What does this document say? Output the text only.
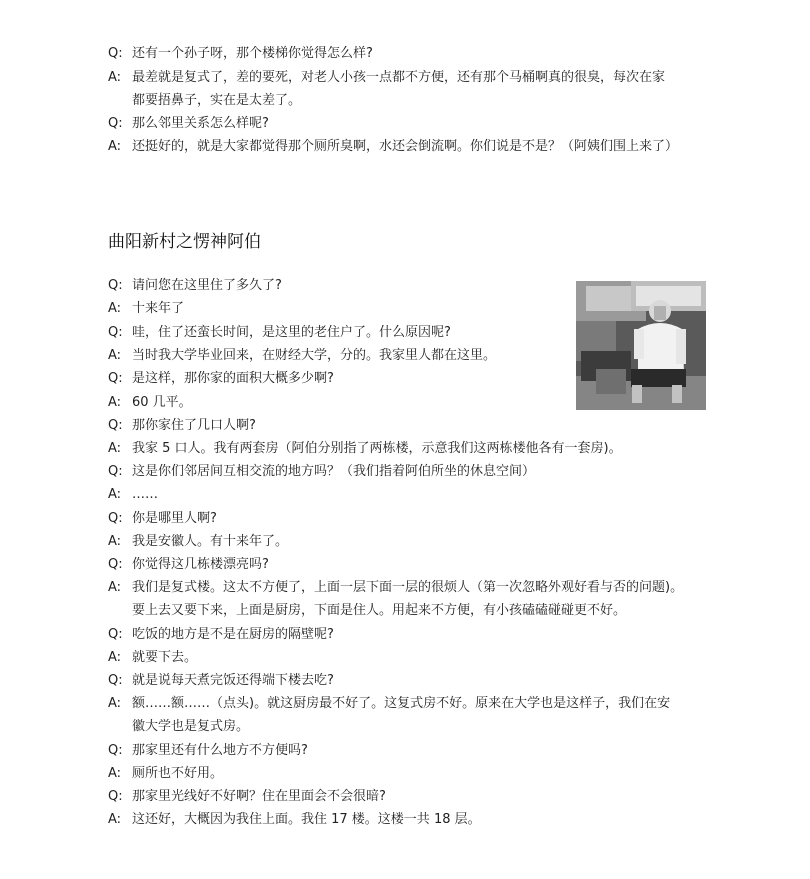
Q: 还有一个孙子呀，那个楼梯你觉得怎么样?
A: 最差就是复式了，差的要死，对老人小孩一点都不方便，还有那个马桶啊真的很臭，每次在家
都要捂鼻子，实在是太差了。
Q: 那么邻里关系怎么样呢?
A: 还挺好的，就是大家都觉得那个厕所臭啊，水还会倒流啊。你们说是不是？（阿姨们围上来了）
曲阳新村之愣神阿伯
Q: 请问您在这里住了多久了?
A: 十来年了
Q: 哇，住了还蛮长时间，是这里的老住户了。什么原因呢?
A: 当时我大学毕业回来，在财经大学，分的。我家里人都在这里。
Q: 是这样，那你家的面积大概多少啊?
A: 60 几平。
Q: 那你家住了几口人啊?
A: 我家 5 口人。我有两套房（阿伯分别指了两栋楼，示意我们这两栋楼他各有一套房)。
Q: 这是你们邻居间互相交流的地方吗？（我们指着阿伯所坐的休息空间）
A: ……
Q: 你是哪里人啊?
A: 我是安徽人。有十来年了。
Q: 你觉得这几栋楼漂亮吗?
A: 我们是复式楼。这太不方便了，上面一层下面一层的很烦人（第一次忽略外观好看与否的问题)。
要上去又要下来，上面是厨房，下面是住人。用起来不方便，有小孩磕磕碰碰更不好。
Q: 吃饭的地方是不是在厨房的隔壁呢?
A: 就要下去。
Q: 就是说每天煮完饭还得端下楼去吃?
A: 额……额……（点头)。就这厨房最不好了。这复式房不好。原来在大学也是这样子，我们在安
徽大学也是复式房。
Q: 那家里还有什么地方不方便吗?
A: 厕所也不好用。
Q: 那家里光线好不好啊？住在里面会不会很暗?
A: 这还好，大概因为我住上面。我住 17 楼。这楼一共 18 层。
